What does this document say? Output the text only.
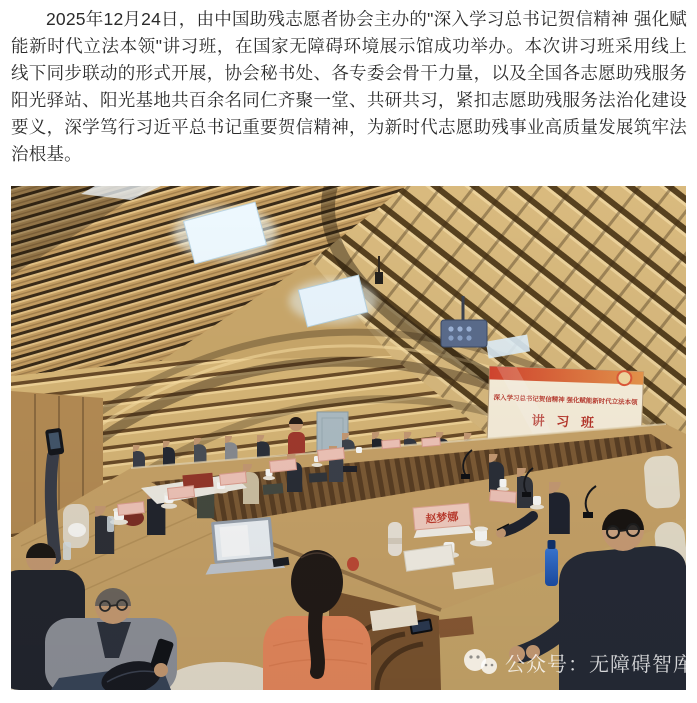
2025年12月24日，由中国助残志愿者协会主办的"深入学习总书记贺信精神 强化赋能新时代立法本领"讲习班，在国家无障碍环境展示馆成功举办。本次讲习班采用线上线下同步联动的形式开展，协会秘书处、各专委会骨干力量，以及全国各志愿助残服务阳光驿站、阳光基地共百余名同仁齐聚一堂、共研共习，紧扣志愿助残服务法治化建设要义，深学笃行习近平总书记重要贺信精神，为新时代志愿助残事业高质量发展筑牢法治根基。

公众号：无障碍智库
